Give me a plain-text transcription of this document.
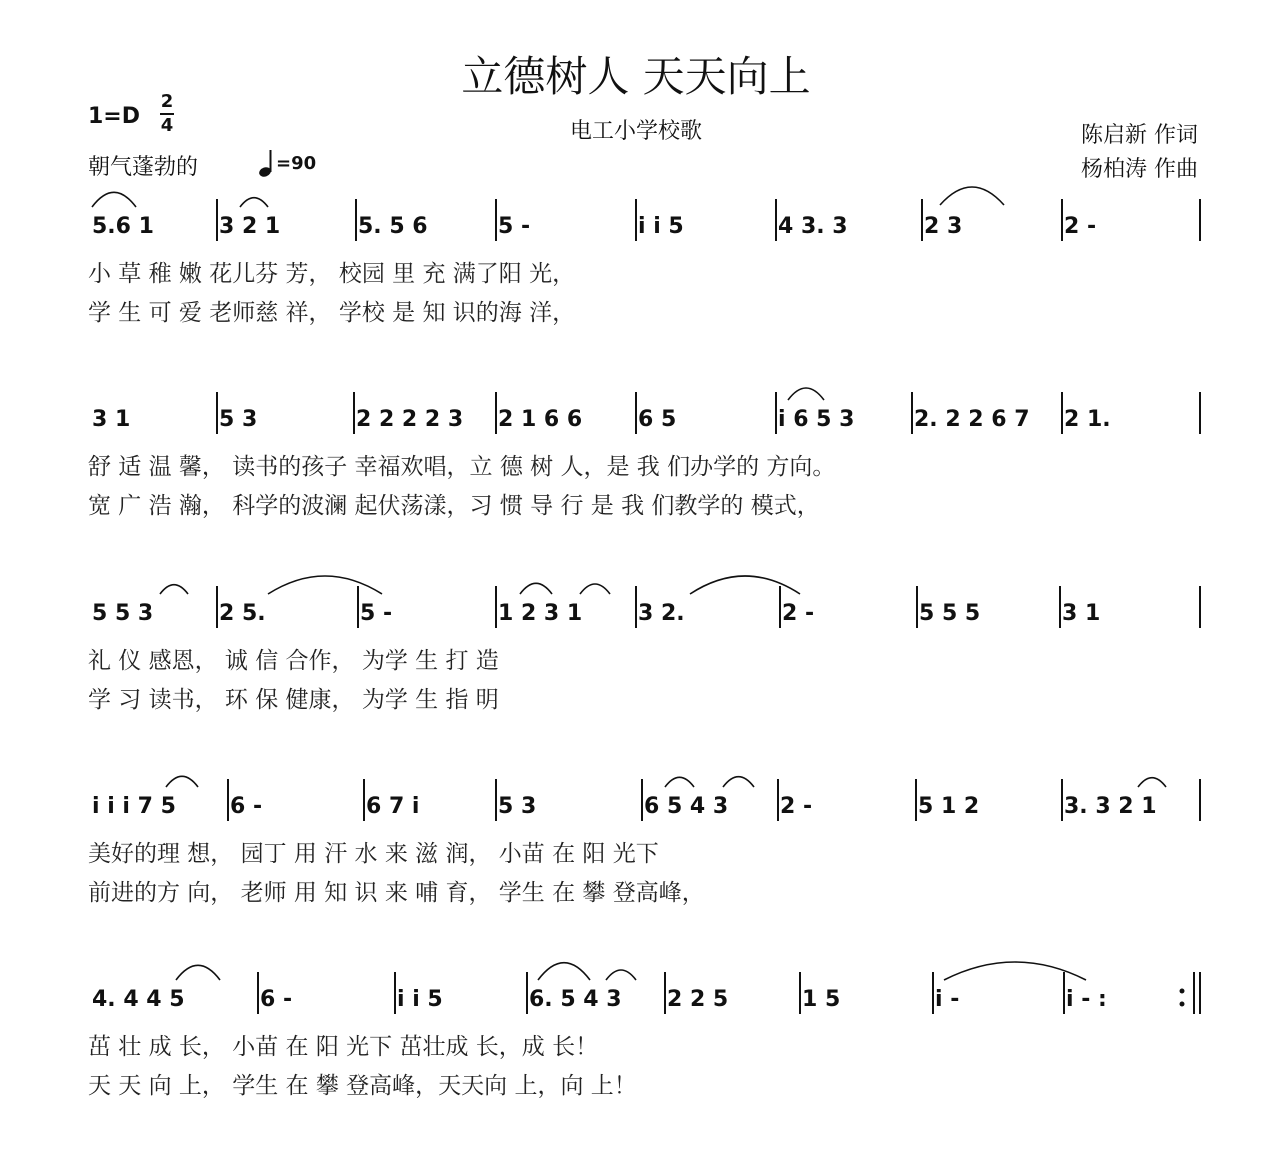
立德树人 天天向上
电工小学校歌
1=D
2
4
朝气蓬勃的	=90
陈启新 作词
杨柏涛 作曲
5.6 1	3 2 1	5. 5 6	5 -	i i 5	4 3. 3	2 3	2 -
小 草 稚 嫩 花儿芬 芳， 校园 里 充 满了阳 光，
学 生 可 爱 老师慈 祥， 学校 是 知 识的海 洋，
3 1	5 3	2 2 2 2 3 2 1 6 6	6 5	i 6 5 3	2. 2 2 6 7 2 1.
舒 适 温 馨， 读书的孩子 幸福欢唱，立 德 树 人，是 我 们办学的 方向。
宽 广 浩 瀚， 科学的波澜 起伏荡漾，习 惯 导 行 是 我 们教学的 模式，
5 5 3	2 5.	5 -	1 2 3 1	3 2.	2 -	5 5 5	3 1
礼 仪 感恩， 诚 信 合作， 为学 生 打 造
学 习 读书， 环 保 健康， 为学 生 指 明
i i i 7 5 6 -	6 7 i	5 3	6 5 4 3 2 -	5 1 2	3. 3 2 1
美好的理 想， 园丁 用 汗 水 来 滋 润， 小苗 在 阳 光下
前进的方 向， 老师 用 知 识 来 哺 育， 学生 在 攀 登高峰，
4. 4 4 5	6 -	i i 5	6. 5 4 3 2 2 5	1 5	i -	i - :
茁 壮 成 长， 小苗 在 阳 光下 茁壮成 长，成 长！
天 天 向 上， 学生 在 攀 登高峰，天天向 上，向 上！
